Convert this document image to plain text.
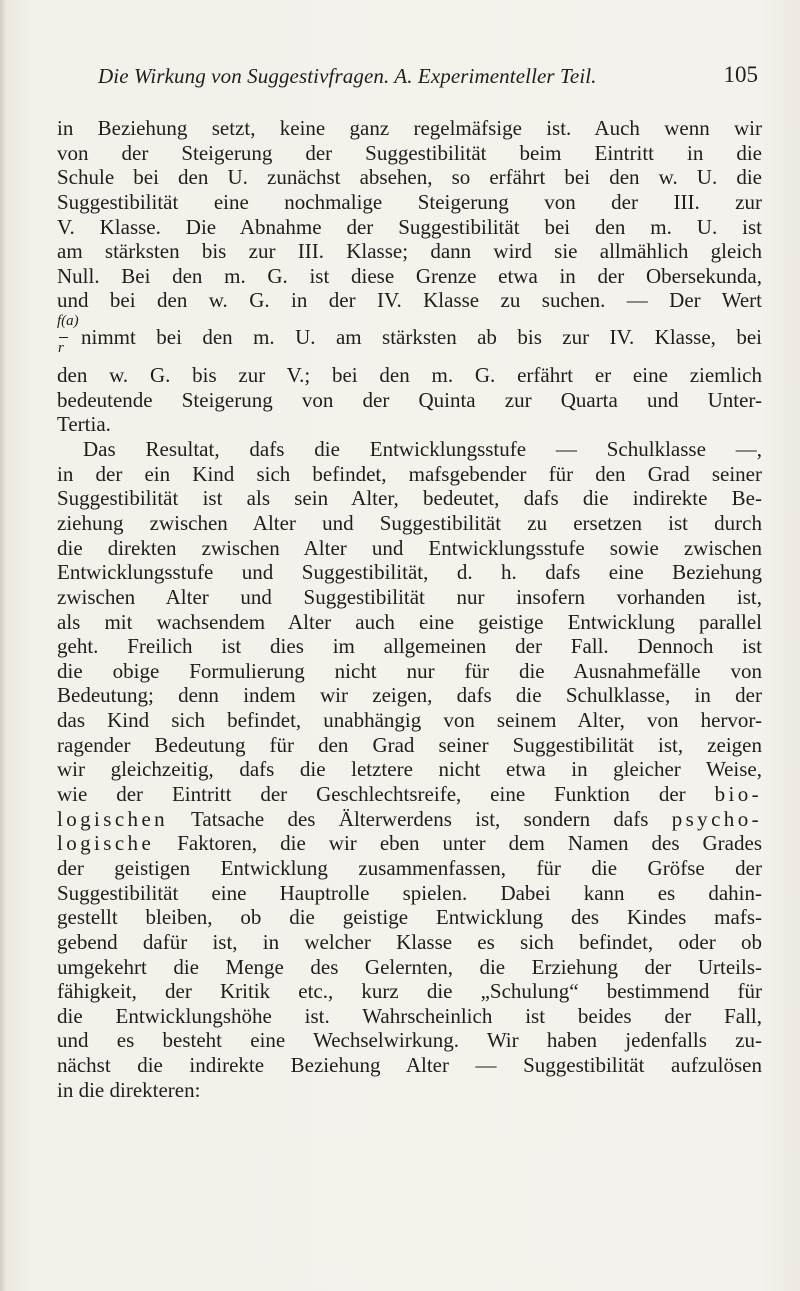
Die Wirkung von Suggestivfragen. A. Experimenteller Teil.	105
in Beziehung setzt, keine ganz regelmäfsige ist. Auch wenn wir
von der Steigerung der Suggestibilität beim Eintritt in die
Schule bei den U. zunächst absehen, so erfährt bei den w. U. die
Suggestibilität eine nochmalige Steigerung von der III. zur
V. Klasse. Die Abnahme der Suggestibilität bei den m. U. ist
am stärksten bis zur III. Klasse; dann wird sie allmählich gleich
Null. Bei den m. G. ist diese Grenze etwa in der Obersekunda,
und bei den w. G. in der IV. Klasse zu suchen. — Der Wert
f(a)
r nimmt bei den m. U. am stärksten ab bis zur IV. Klasse, bei
den w. G. bis zur V.; bei den m. G. erfährt er eine ziemlich
bedeutende Steigerung von der Quinta zur Quarta und Unter-
Tertia.
Das Resultat, dafs die Entwicklungsstufe — Schulklasse —,
in der ein Kind sich befindet, mafsgebender für den Grad seiner
Suggestibilität ist als sein Alter, bedeutet, dafs die indirekte Be-
ziehung zwischen Alter und Suggestibilität zu ersetzen ist durch
die direkten zwischen Alter und Entwicklungsstufe sowie zwischen
Entwicklungsstufe und Suggestibilität, d. h. dafs eine Beziehung
zwischen Alter und Suggestibilität nur insofern vorhanden ist,
als mit wachsendem Alter auch eine geistige Entwicklung parallel
geht. Freilich ist dies im allgemeinen der Fall. Dennoch ist
die obige Formulierung nicht nur für die Ausnahmefälle von
Bedeutung; denn indem wir zeigen, dafs die Schulklasse, in der
das Kind sich befindet, unabhängig von seinem Alter, von hervor-
ragender Bedeutung für den Grad seiner Suggestibilität ist, zeigen
wir gleichzeitig, dafs die letztere nicht etwa in gleicher Weise,
wie der Eintritt der Geschlechtsreife, eine Funktion der bio-
logischen Tatsache des Älterwerdens ist, sondern dafs psycho-
logische Faktoren, die wir eben unter dem Namen des Grades
der geistigen Entwicklung zusammenfassen, für die Gröfse der
Suggestibilität eine Hauptrolle spielen. Dabei kann es dahin-
gestellt bleiben, ob die geistige Entwicklung des Kindes mafs-
gebend dafür ist, in welcher Klasse es sich befindet, oder ob
umgekehrt die Menge des Gelernten, die Erziehung der Urteils-
fähigkeit, der Kritik etc., kurz die „Schulung“ bestimmend für
die Entwicklungshöhe ist. Wahrscheinlich ist beides der Fall,
und es besteht eine Wechselwirkung. Wir haben jedenfalls zu-
nächst die indirekte Beziehung Alter — Suggestibilität aufzulösen
in die direkteren:
